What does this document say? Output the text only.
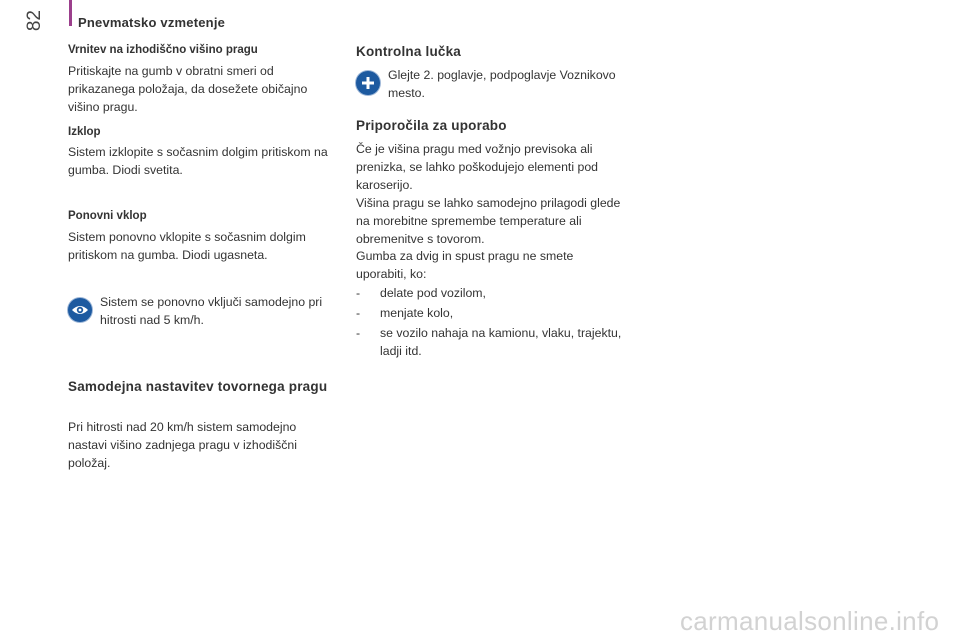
Pnevmatsko vzmetenje
82
Vrnitev na izhodiščno višino pragu

Pritiskajte na gumb v obratni smeri od prikazanega položaja, da dosežete običajno višino pragu.

Izklop

Sistem izklopite s sočasnim dolgim pritiskom na gumba. Diodi svetita.

Ponovni vklop

Sistem ponovno vklopite s sočasnim dolgim pritiskom na gumba. Diodi ugasneta.

Sistem se ponovno vključi samodejno pri hitrosti nad 5 km/h.

Samodejna nastavitev tovornega pragu

Pri hitrosti nad 20 km/h sistem samodejno nastavi višino zadnjega pragu v izhodiščni položaj.

Kontrolna lučka

Glejte 2. poglavje, podpoglavje Voznikovo mesto.

Priporočila za uporabo

Če je višina pragu med vožnjo previsoka ali prenizka, se lahko poškodujejo elementi pod karoserijo.

Višina pragu se lahko samodejno prilagodi glede na morebitne spremembe temperature ali obremenitve s tovorom.

Gumba za dvig in spust pragu ne smete uporabiti, ko:

- delate pod vozilom,
- menjate kolo,
- se vozilo nahaja na kamionu, vlaku, trajektu, ladji itd.
carmanualsonline.info
